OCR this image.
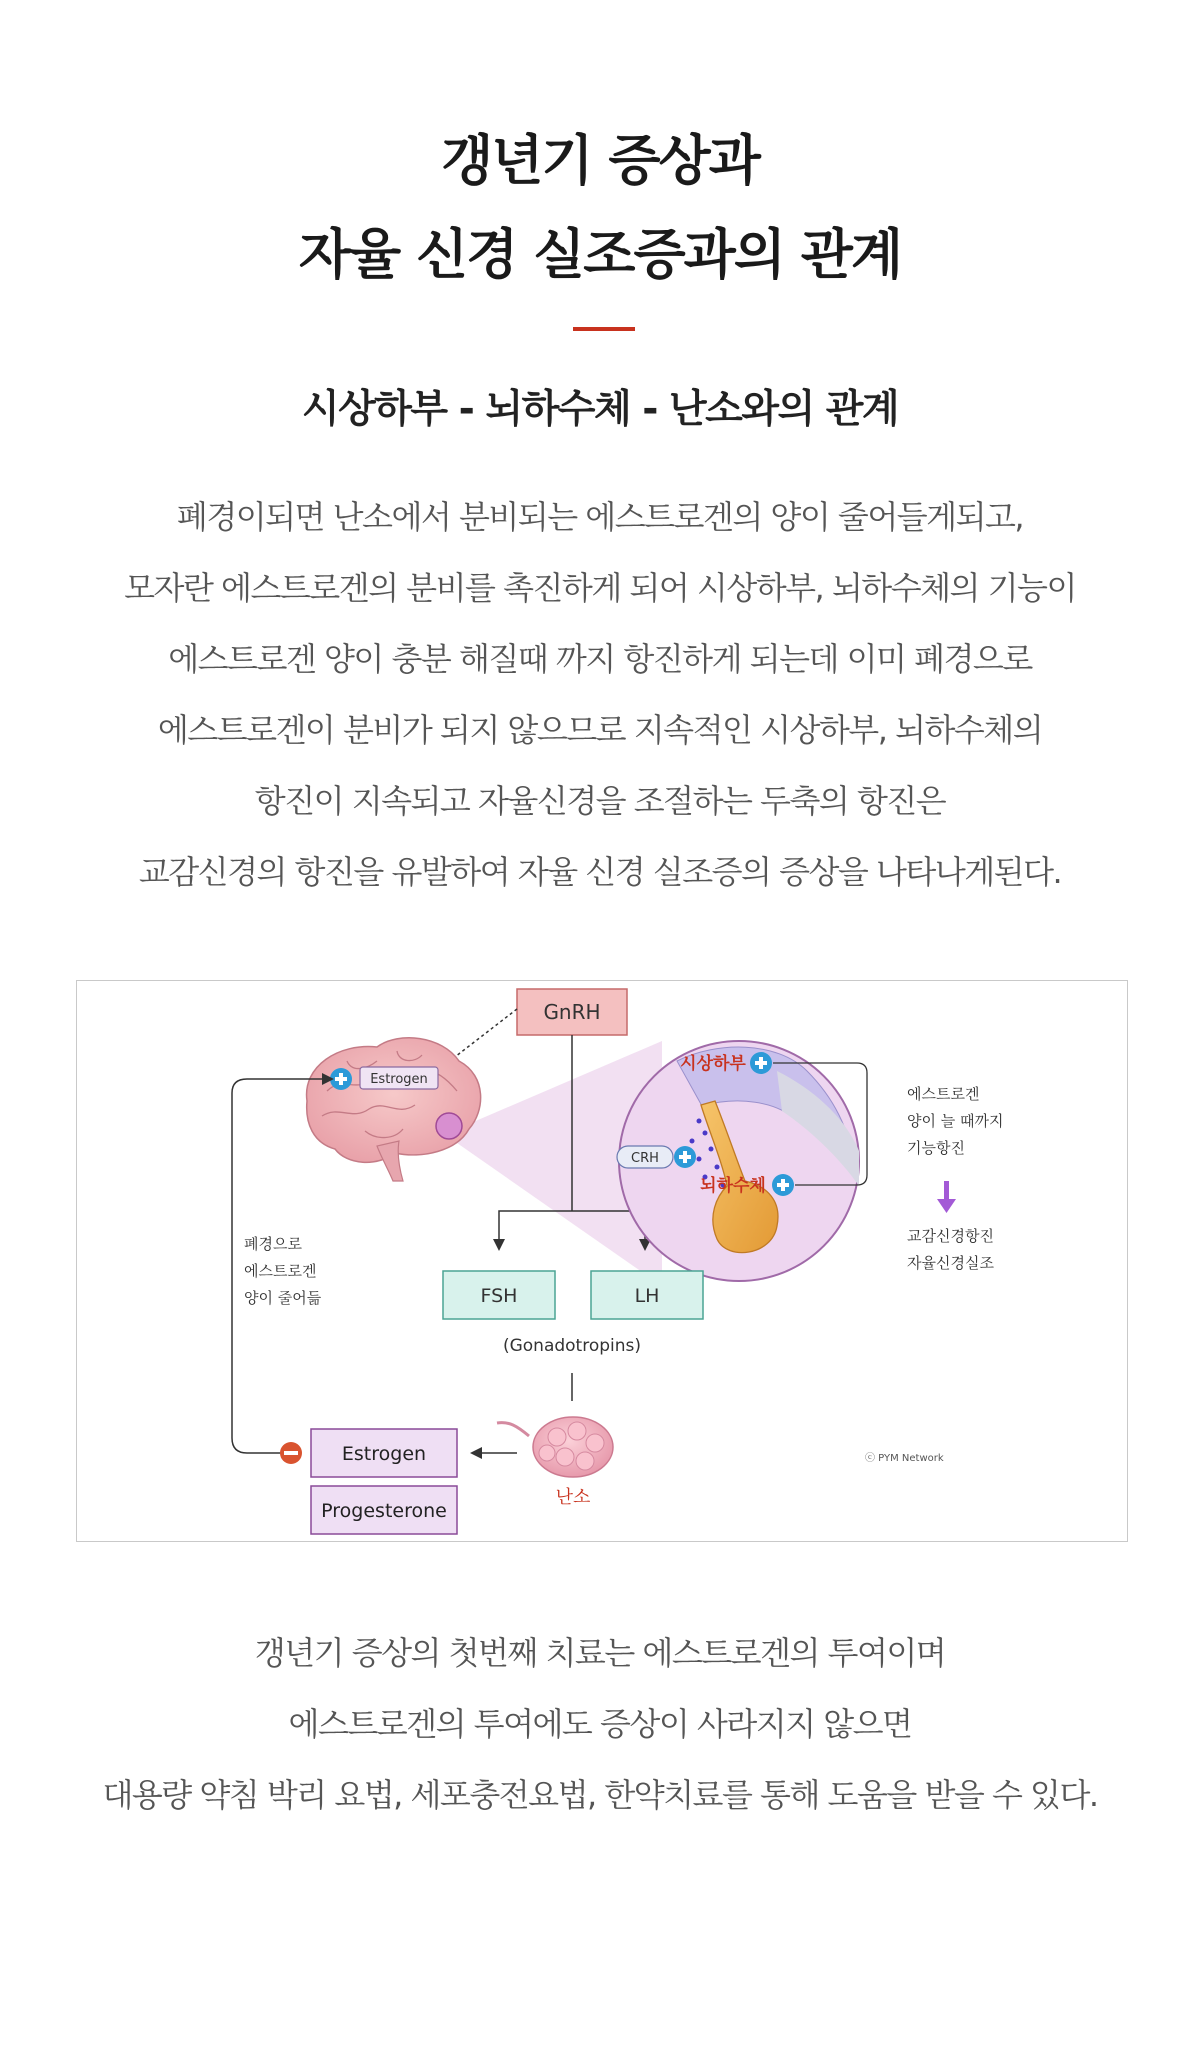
갱년기 증상과
자율 신경 실조증과의 관계
시상하부 - 뇌하수체 - 난소와의 관계
폐경이되면 난소에서 분비되는 에스트로겐의 양이 줄어들게되고,
모자란 에스트로겐의 분비를 촉진하게 되어 시상하부, 뇌하수체의 기능이
에스트로겐 양이 충분 해질때 까지 항진하게 되는데 이미 폐경으로
에스트로겐이 분비가 되지 않으므로 지속적인 시상하부, 뇌하수체의
항진이 지속되고 자율신경을 조절하는 두축의 항진은
교감신경의 항진을 유발하여 자율 신경 실조증의 증상을 나타나게된다.
GnRH
Estrogen
폐경으로
에스트로겐
양이 줄어듦
시상하부
뇌하수체
CRH
에스트로겐
양이 늘 때까지
기능항진
교감신경항진
자율신경실조
FSH	LH
(Gonadotropins)
난소
Estrogen
Progesterone
ⓒ PYM Network
갱년기 증상의 첫번째 치료는 에스트로겐의 투여이며
에스트로겐의 투여에도 증상이 사라지지 않으면
대용량 약침 박리 요법, 세포충전요법, 한약치료를 통해 도움을 받을 수 있다.
